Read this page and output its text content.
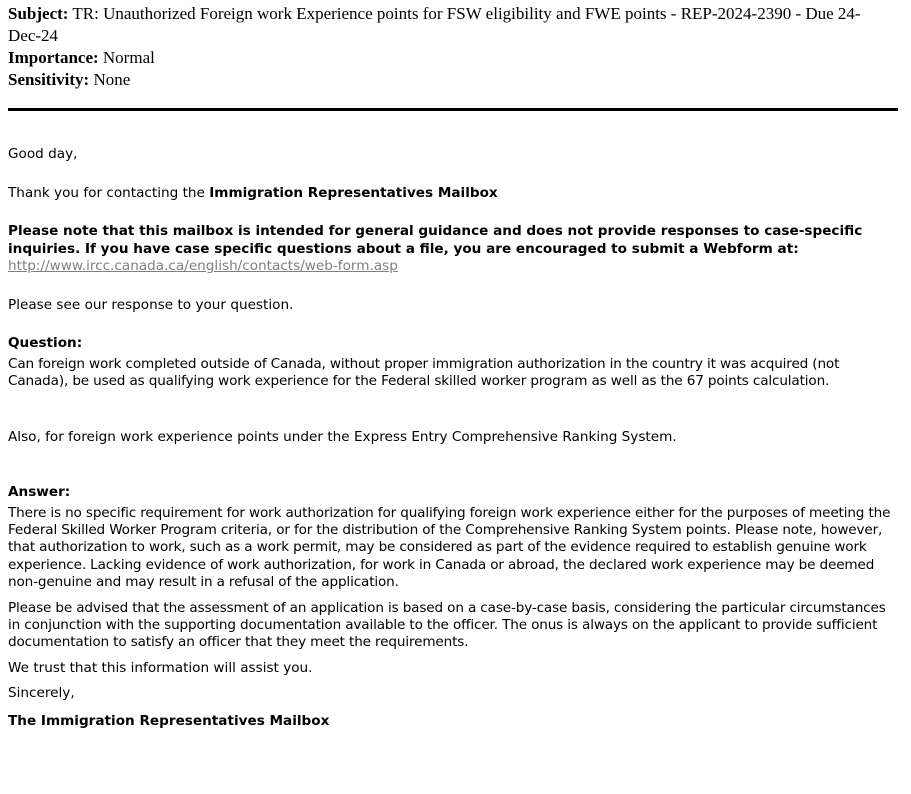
Subject: TR: Unauthorized Foreign work Experience points for FSW eligibility and FWE points - REP-2024-2390 - Due 24-Dec-24
Importance: Normal
Sensitivity: None

Good day,

Thank you for contacting the Immigration Representatives Mailbox

Please note that this mailbox is intended for general guidance and does not provide responses to case-specific inquiries. If you have case specific questions about a file, you are encouraged to submit a Webform at:

http://www.ircc.canada.ca/english/contacts/web-form.asp

Please see our response to your question.

Question:

Can foreign work completed outside of Canada, without proper immigration authorization in the country it was acquired (not Canada), be used as qualifying work experience for the Federal skilled worker program as well as the 67 points calculation.

Also, for foreign work experience points under the Express Entry Comprehensive Ranking System.

Answer:

There is no specific requirement for work authorization for qualifying foreign work experience either for the purposes of meeting the Federal Skilled Worker Program criteria, or for the distribution of the Comprehensive Ranking System points. Please note, however, that authorization to work, such as a work permit, may be considered as part of the evidence required to establish genuine work experience. Lacking evidence of work authorization, for work in Canada or abroad, the declared work experience may be deemed non-genuine and may result in a refusal of the application.

Please be advised that the assessment of an application is based on a case-by-case basis, considering the particular circumstances in conjunction with the supporting documentation available to the officer. The onus is always on the applicant to provide sufficient documentation to satisfy an officer that they meet the requirements.

We trust that this information will assist you.

Sincerely,

The Immigration Representatives Mailbox
